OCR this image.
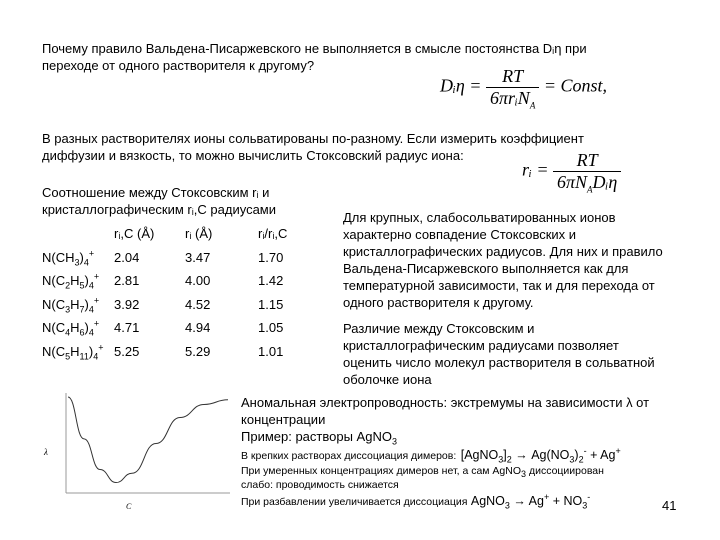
Почему правило Вальдена-Писаржевского не выполняется в смысле постоянства Dᵢη при
переходе от одного растворителя к другому?
Dᵢη = $\frac{RT}{6\pi rᵢN_A}$ = Const,
В разных растворителях ионы сольватированы по-разному. Если измерить коэффициент
диффузии и вязкость, то можно вычислить Стоксовский радиус иона:
rᵢ = $\frac{RT}{6\pi N_ADᵢ\eta}$
Соотношение между Стоксовским rᵢ и
кристаллографическим rᵢ,C радиусами
	rᵢ,C (Å)	rᵢ (Å)	rᵢ/rᵢ,C
$N(CH_3)_4^+$	2.04	3.47	1.70
$N(C_2H_5)_4^+$	2.81	4.00	1.42
$N(C_3H_7)_4^+$	3.92	4.52	1.15
$N(C_4H_6)_4^+$	4.71	4.94	1.05
$N(C_5H_{11})_4^+$	5.25	5.29	1.01
Для крупных, слабосольватированных ионов
характерно совпадение Стоксовских и
кристаллографических радиусов. Для них и правило
Вальдена-Писаржевского выполняется как для
температурной зависимости, так и для перехода от
одного растворителя к другому.
Различие между Стоксовским и
кристаллографическим радиусами позволяет
оценить число молекул растворителя в сольватной
оболочке иона
λ
C
Аномальная электропроводность: экстремумы на зависимости λ от
концентрации
Пример: растворы AgNO$_3$
В крепких растворах диссоциация димеров: $[AgNO_3]_2 \to Ag(NO_3)_2^- + Ag^+$
При умеренных концентрациях димеров нет, а сам AgNO$_3$ диссоциирован
слабо: проводимость снижается
При разбавлении увеличивается диссоциация AgNO$_3$ → $Ag^+ + NO_3^-$
41
